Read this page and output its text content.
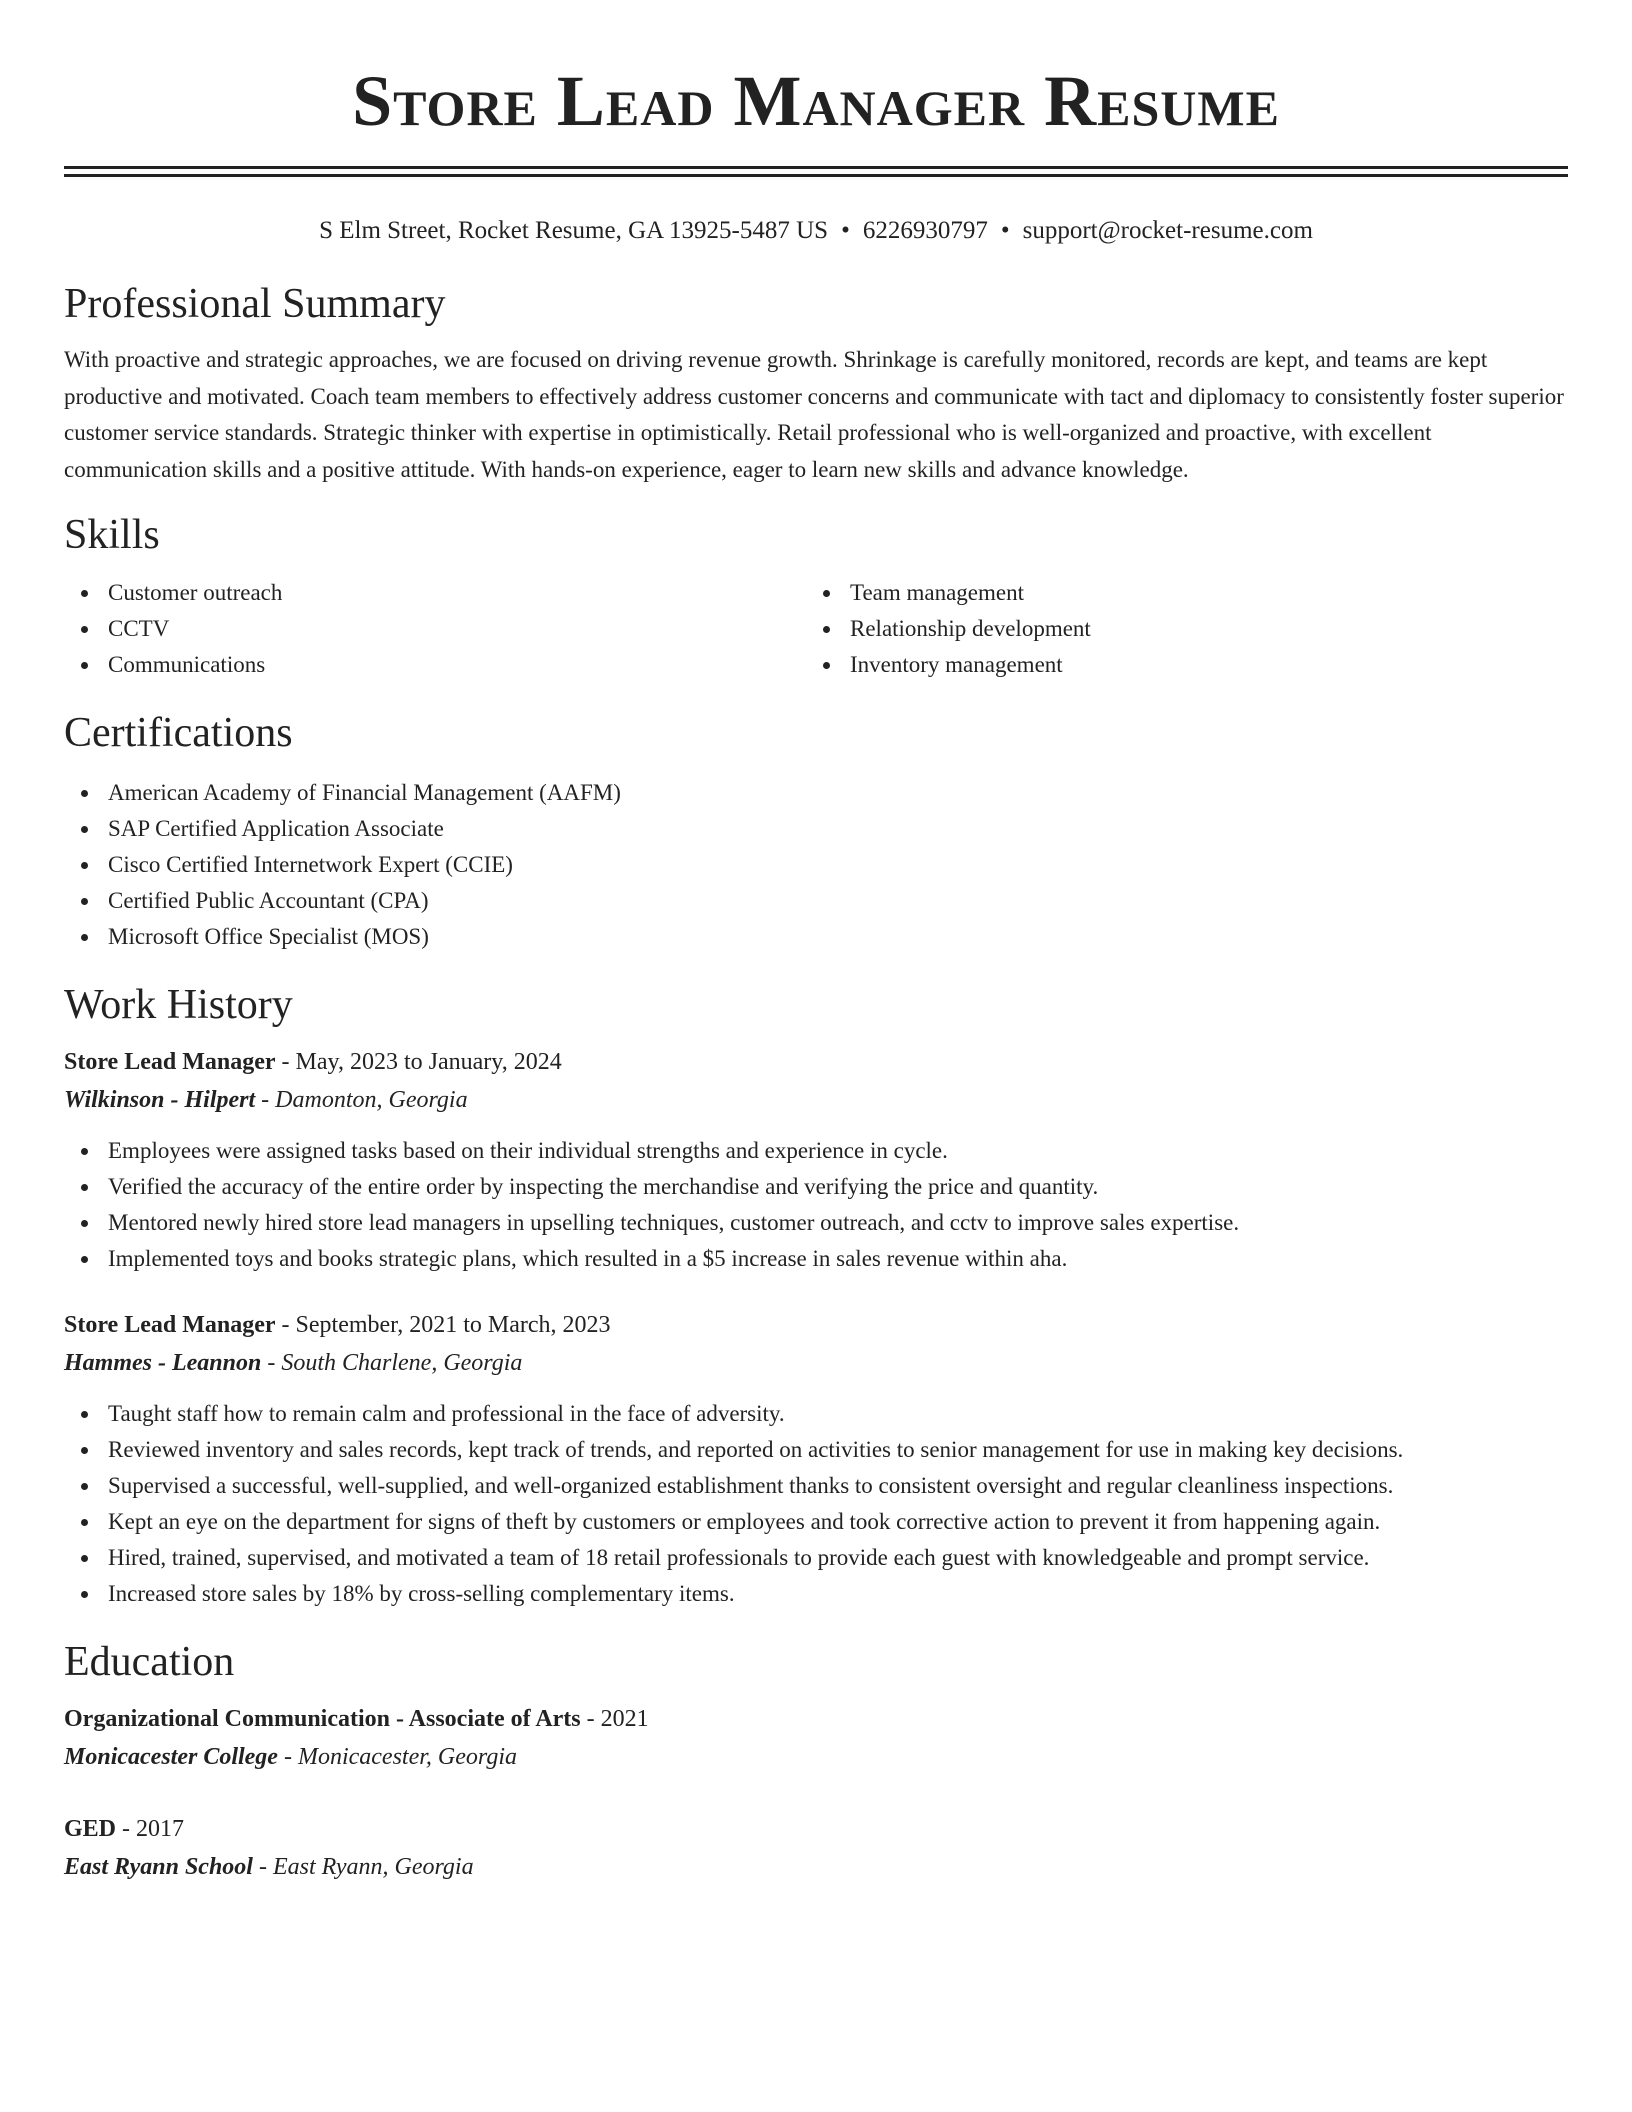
Store Lead Manager Resume
S Elm Street, Rocket Resume, GA 13925-5487 US • 6226930797 • support@rocket-resume.com
Professional Summary

With proactive and strategic approaches, we are focused on driving revenue growth. Shrinkage is carefully monitored, records are kept, and teams are kept productive and motivated. Coach team members to effectively address customer concerns and communicate with tact and diplomacy to consistently foster superior customer service standards. Strategic thinker with expertise in optimistically. Retail professional who is well-organized and proactive, with excellent communication skills and a positive attitude. With hands-on experience, eager to learn new skills and advance knowledge.

Skills
Customer outreach
CCTV
Communications
Team management
Relationship development
Inventory management
Certifications
American Academy of Financial Management (AAFM)
SAP Certified Application Associate
Cisco Certified Internetwork Expert (CCIE)
Certified Public Accountant (CPA)
Microsoft Office Specialist (MOS)
Work History
Store Lead Manager - May, 2023 to January, 2024
Wilkinson - Hilpert - Damonton, Georgia
Employees were assigned tasks based on their individual strengths and experience in cycle.
Verified the accuracy of the entire order by inspecting the merchandise and verifying the price and quantity.
Mentored newly hired store lead managers in upselling techniques, customer outreach, and cctv to improve sales expertise.
Implemented toys and books strategic plans, which resulted in a $5 increase in sales revenue within aha.
Store Lead Manager - September, 2021 to March, 2023
Hammes - Leannon - South Charlene, Georgia
Taught staff how to remain calm and professional in the face of adversity.
Reviewed inventory and sales records, kept track of trends, and reported on activities to senior management for use in making key decisions.
Supervised a successful, well-supplied, and well-organized establishment thanks to consistent oversight and regular cleanliness inspections.
Kept an eye on the department for signs of theft by customers or employees and took corrective action to prevent it from happening again.
Hired, trained, supervised, and motivated a team of 18 retail professionals to provide each guest with knowledgeable and prompt service.
Increased store sales by 18% by cross-selling complementary items.
Education
Organizational Communication - Associate of Arts - 2021
Monicacester College - Monicacester, Georgia
GED - 2017
East Ryann School - East Ryann, Georgia
